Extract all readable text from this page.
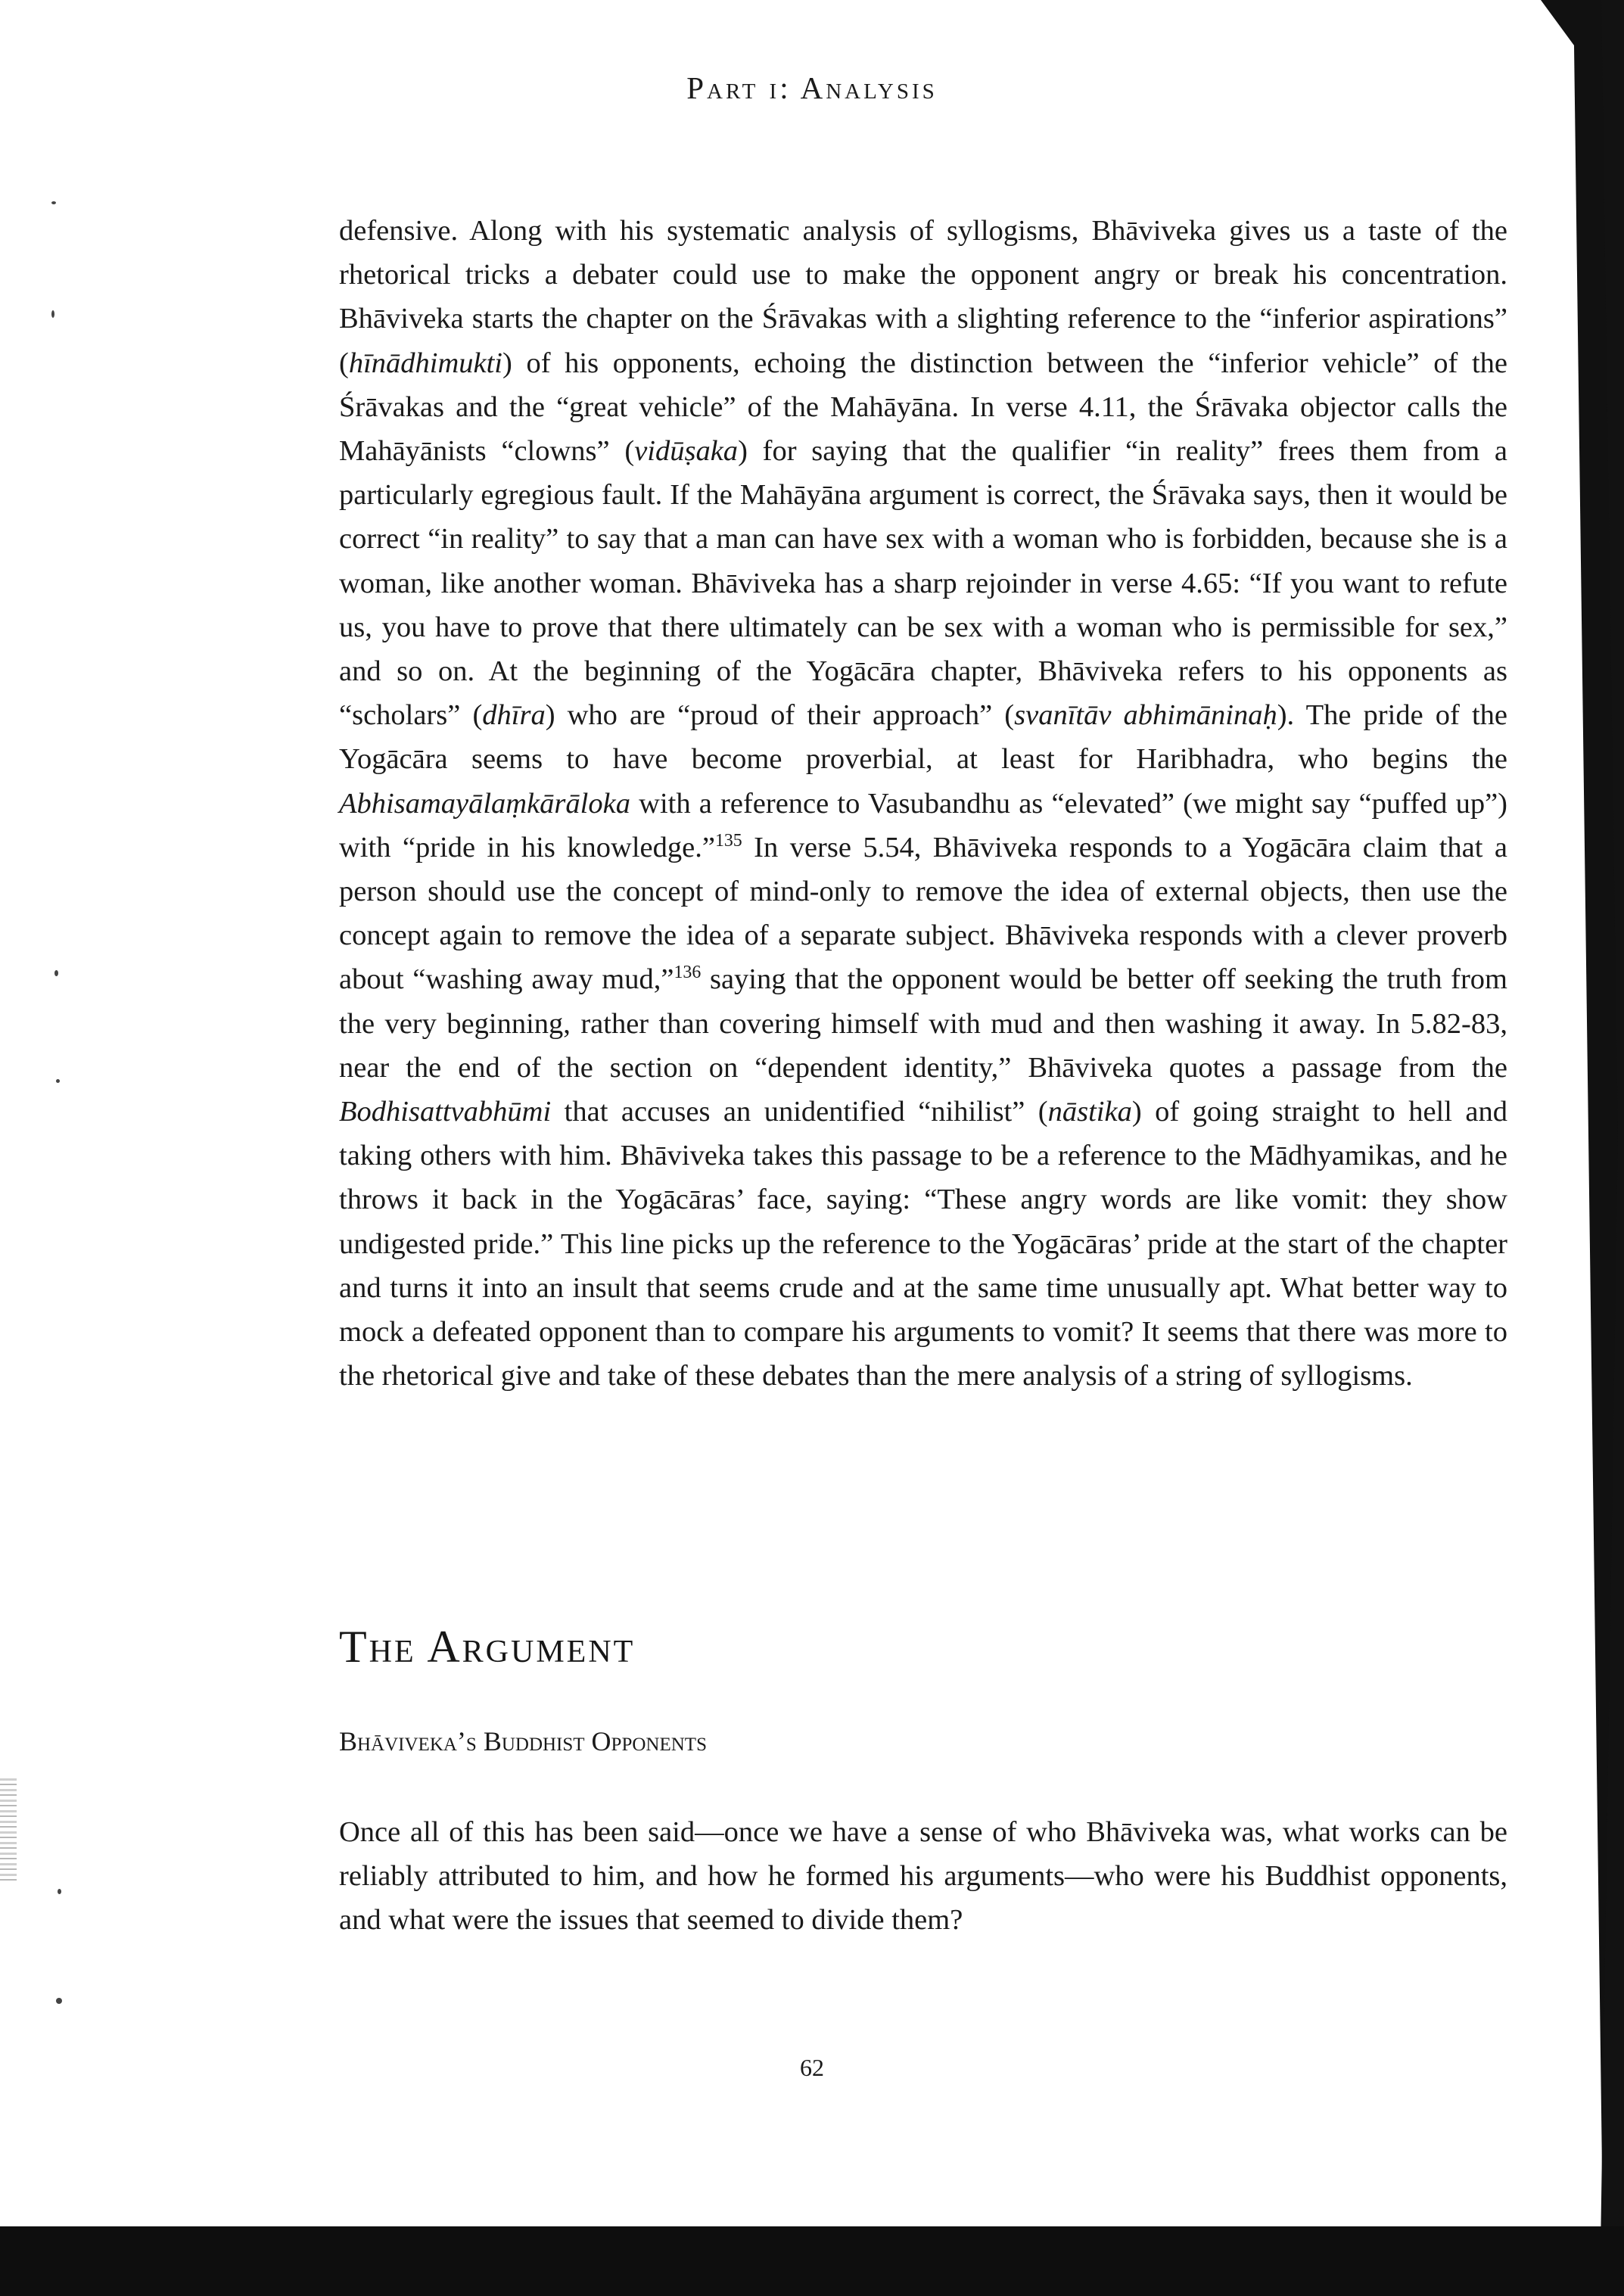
Part i: Analysis

defensive. Along with his systematic analysis of syllogisms, Bhāviveka gives us a taste of the rhetorical tricks a debater could use to make the opponent angry or break his concentration. Bhāviveka starts the chapter on the Śrāvakas with a slighting reference to the “inferior aspirations” (hīnādhimukti) of his opponents, echoing the distinction between the “inferior vehicle” of the Śrāvakas and the “great vehicle” of the Mahāyāna. In verse 4.11, the Śrāvaka objector calls the Mahāyānists “clowns” (vidūṣaka) for saying that the qualifier “in reality” frees them from a particularly egregious fault. If the Mahāyāna argument is correct, the Śrāvaka says, then it would be correct “in reality” to say that a man can have sex with a woman who is forbidden, because she is a woman, like another woman. Bhāviveka has a sharp rejoinder in verse 4.65: “If you want to refute us, you have to prove that there ultimately can be sex with a woman who is permissible for sex,” and so on. At the beginning of the Yogācāra chapter, Bhāviveka refers to his opponents as “scholars” (dhīra) who are “proud of their approach” (svanītāv abhimāninaḥ). The pride of the Yogācāra seems to have become proverbial, at least for Haribhadra, who begins the Abhisamayālaṃkārāloka with a reference to Vasubandhu as “elevated” (we might say “puffed up”) with “pride in his knowledge.”$^{135}$ In verse 5.54, Bhāviveka responds to a Yogācāra claim that a person should use the concept of mind-only to remove the idea of external objects, then use the concept again to remove the idea of a separate subject. Bhāviveka responds with a clever proverb about “washing away mud,”$^{136}$ saying that the opponent would be better off seeking the truth from the very beginning, rather than covering himself with mud and then washing it away. In 5.82-83, near the end of the section on “dependent identity,” Bhāviveka quotes a passage from the Bodhisattvabhūmi that accuses an unidentified “nihilist” (nāstika) of going straight to hell and taking others with him. Bhāviveka takes this passage to be a reference to the Mādhyamikas, and he throws it back in the Yogācāras’ face, saying: “These angry words are like vomit: they show undigested pride.” This line picks up the reference to the Yogācāras’ pride at the start of the chapter and turns it into an insult that seems crude and at the same time unusually apt. What better way to mock a defeated opponent than to compare his arguments to vomit? It seems that there was more to the rhetorical give and take of these debates than the mere analysis of a string of syllogisms.

The Argument
Bhāviveka’s Buddhist Opponents

Once all of this has been said—once we have a sense of who Bhāviveka was, what works can be reliably attributed to him, and how he formed his arguments—who were his Buddhist opponents, and what were the issues that seemed to divide them?

62
